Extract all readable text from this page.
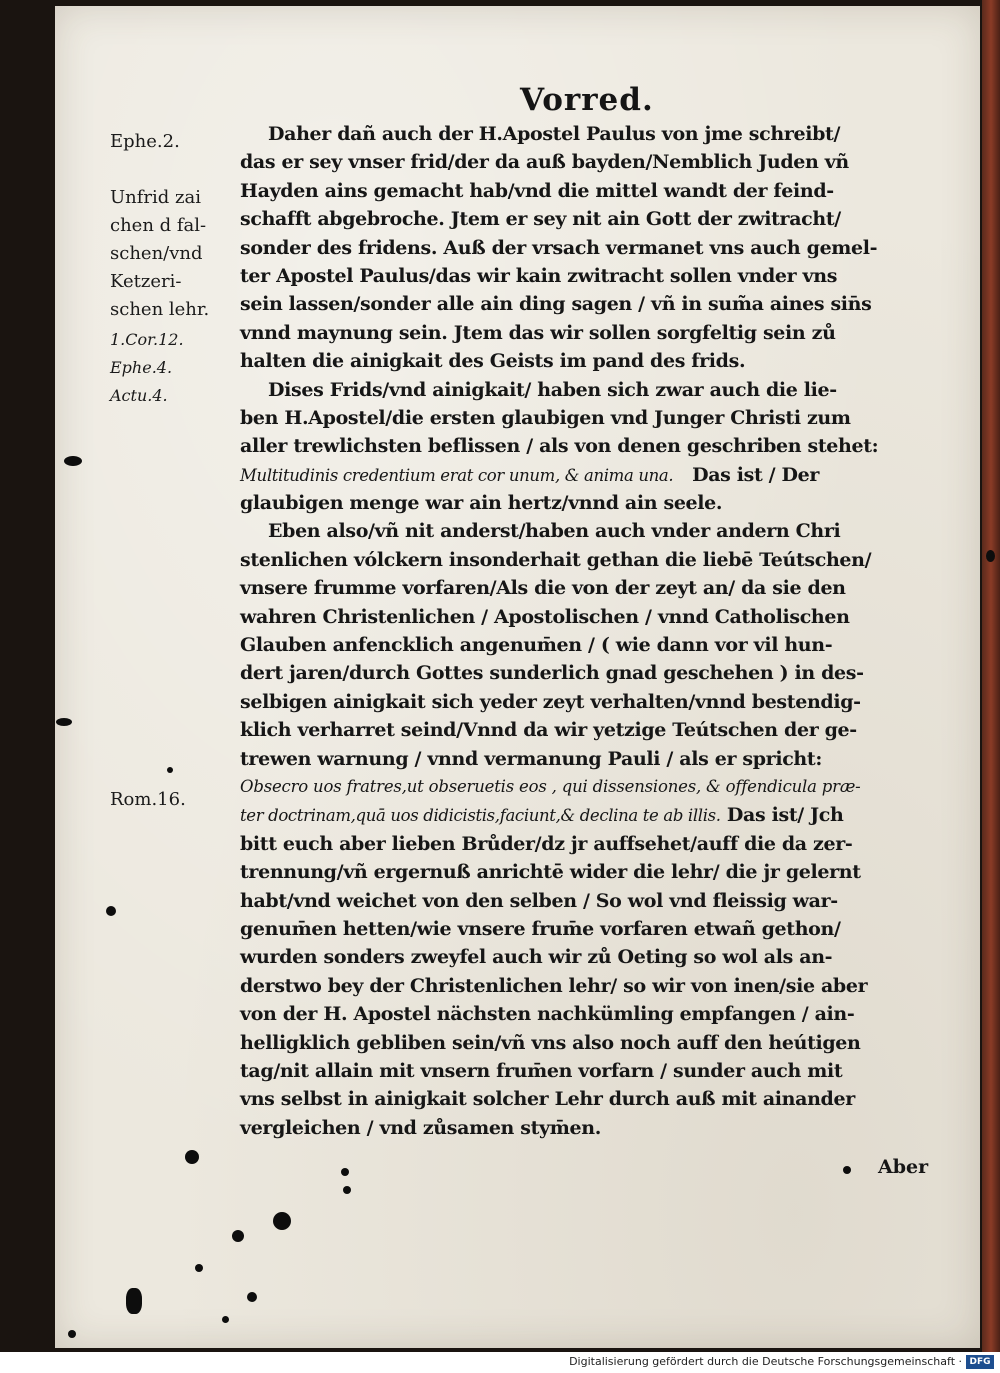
Vorred.
Ephe.2.
Unfrid zai
chen d fal-
schen/vnd
Ketzeri-
schen lehr.
1.Cor.12.
Ephe.4.
Actu.4.
Rom.16.
Daher dañ auch der H.Apostel Paulus von jme schreibt/
das er sey vnser frid/der da auß bayden/Nemblich Juden vñ
Hayden ains gemacht hab/vnd die mittel wandt der feind-
schafft abgebroche. Jtem er sey nit ain Gott der zwitracht/
sonder des fridens. Auß der vrsach vermanet vns auch gemel-
ter Apostel Paulus/das wir kain zwitracht sollen vnder vns
sein lassen/sonder alle ain ding sagen / vñ in sum̃a aines sin̄s
vnnd maynung sein. Jtem das wir sollen sorgfeltig sein zů
halten die ainigkait des Geists im pand des frids.
Dises Frids/vnd ainigkait/ haben sich zwar auch die lie-
ben H.Apostel/die ersten glaubigen vnd Junger Christi zum
aller trewlichsten beflissen / als von denen geschriben stehet:
Multitudinis credentium erat cor unum, & anima una. Das ist / Der
glaubigen menge war ain hertz/vnnd ain seele.
Eben also/vñ nit anderst/haben auch vnder andern Chri
stenlichen vólckern insonderhait gethan die liebē Teútschen/
vnsere frumme vorfaren/Als die von der zeyt an/ da sie den
wahren Christenlichen / Apostolischen / vnnd Catholischen
Glauben anfencklich angenum̄en / ( wie dann vor vil hun-
dert jaren/durch Gottes sunderlich gnad geschehen ) in des-
selbigen ainigkait sich yeder zeyt verhalten/vnnd bestendig-
klich verharret seind/Vnnd da wir yetzige Teútschen der ge-
trewen warnung / vnnd vermanung Pauli / als er spricht:
Obsecro uos fratres,ut obseruetis eos , qui dissensiones, & offendicula præ-
ter doctrinam,quā uos didicistis,faciunt,& declina te ab illis. Das ist/ Jch
bitt euch aber lieben Brůder/dz jr auffsehet/auff die da zer-
trennung/vñ ergernuß anrichtē wider die lehr/ die jr gelernt
habt/vnd weichet von den selben / So wol vnd fleissig war-
genum̄en hetten/wie vnsere frum̄e vorfaren etwañ gethon/
wurden sonders zweyfel auch wir zů Oeting so wol als an-
derstwo bey der Christenlichen lehr/ so wir von inen/sie aber
von der H. Apostel nächsten nachkümling empfangen / ain-
helligklich gebliben sein/vñ vns also noch auff den heútigen
tag/nit allain mit vnsern frum̄en vorfarn / sunder auch mit
vns selbst in ainigkait solcher Lehr durch auß mit ainander
vergleichen / vnd zůsamen stym̄en.
Aber
Digitalisierung gefördert durch die Deutsche Forschungsgemeinschaft · DFG
